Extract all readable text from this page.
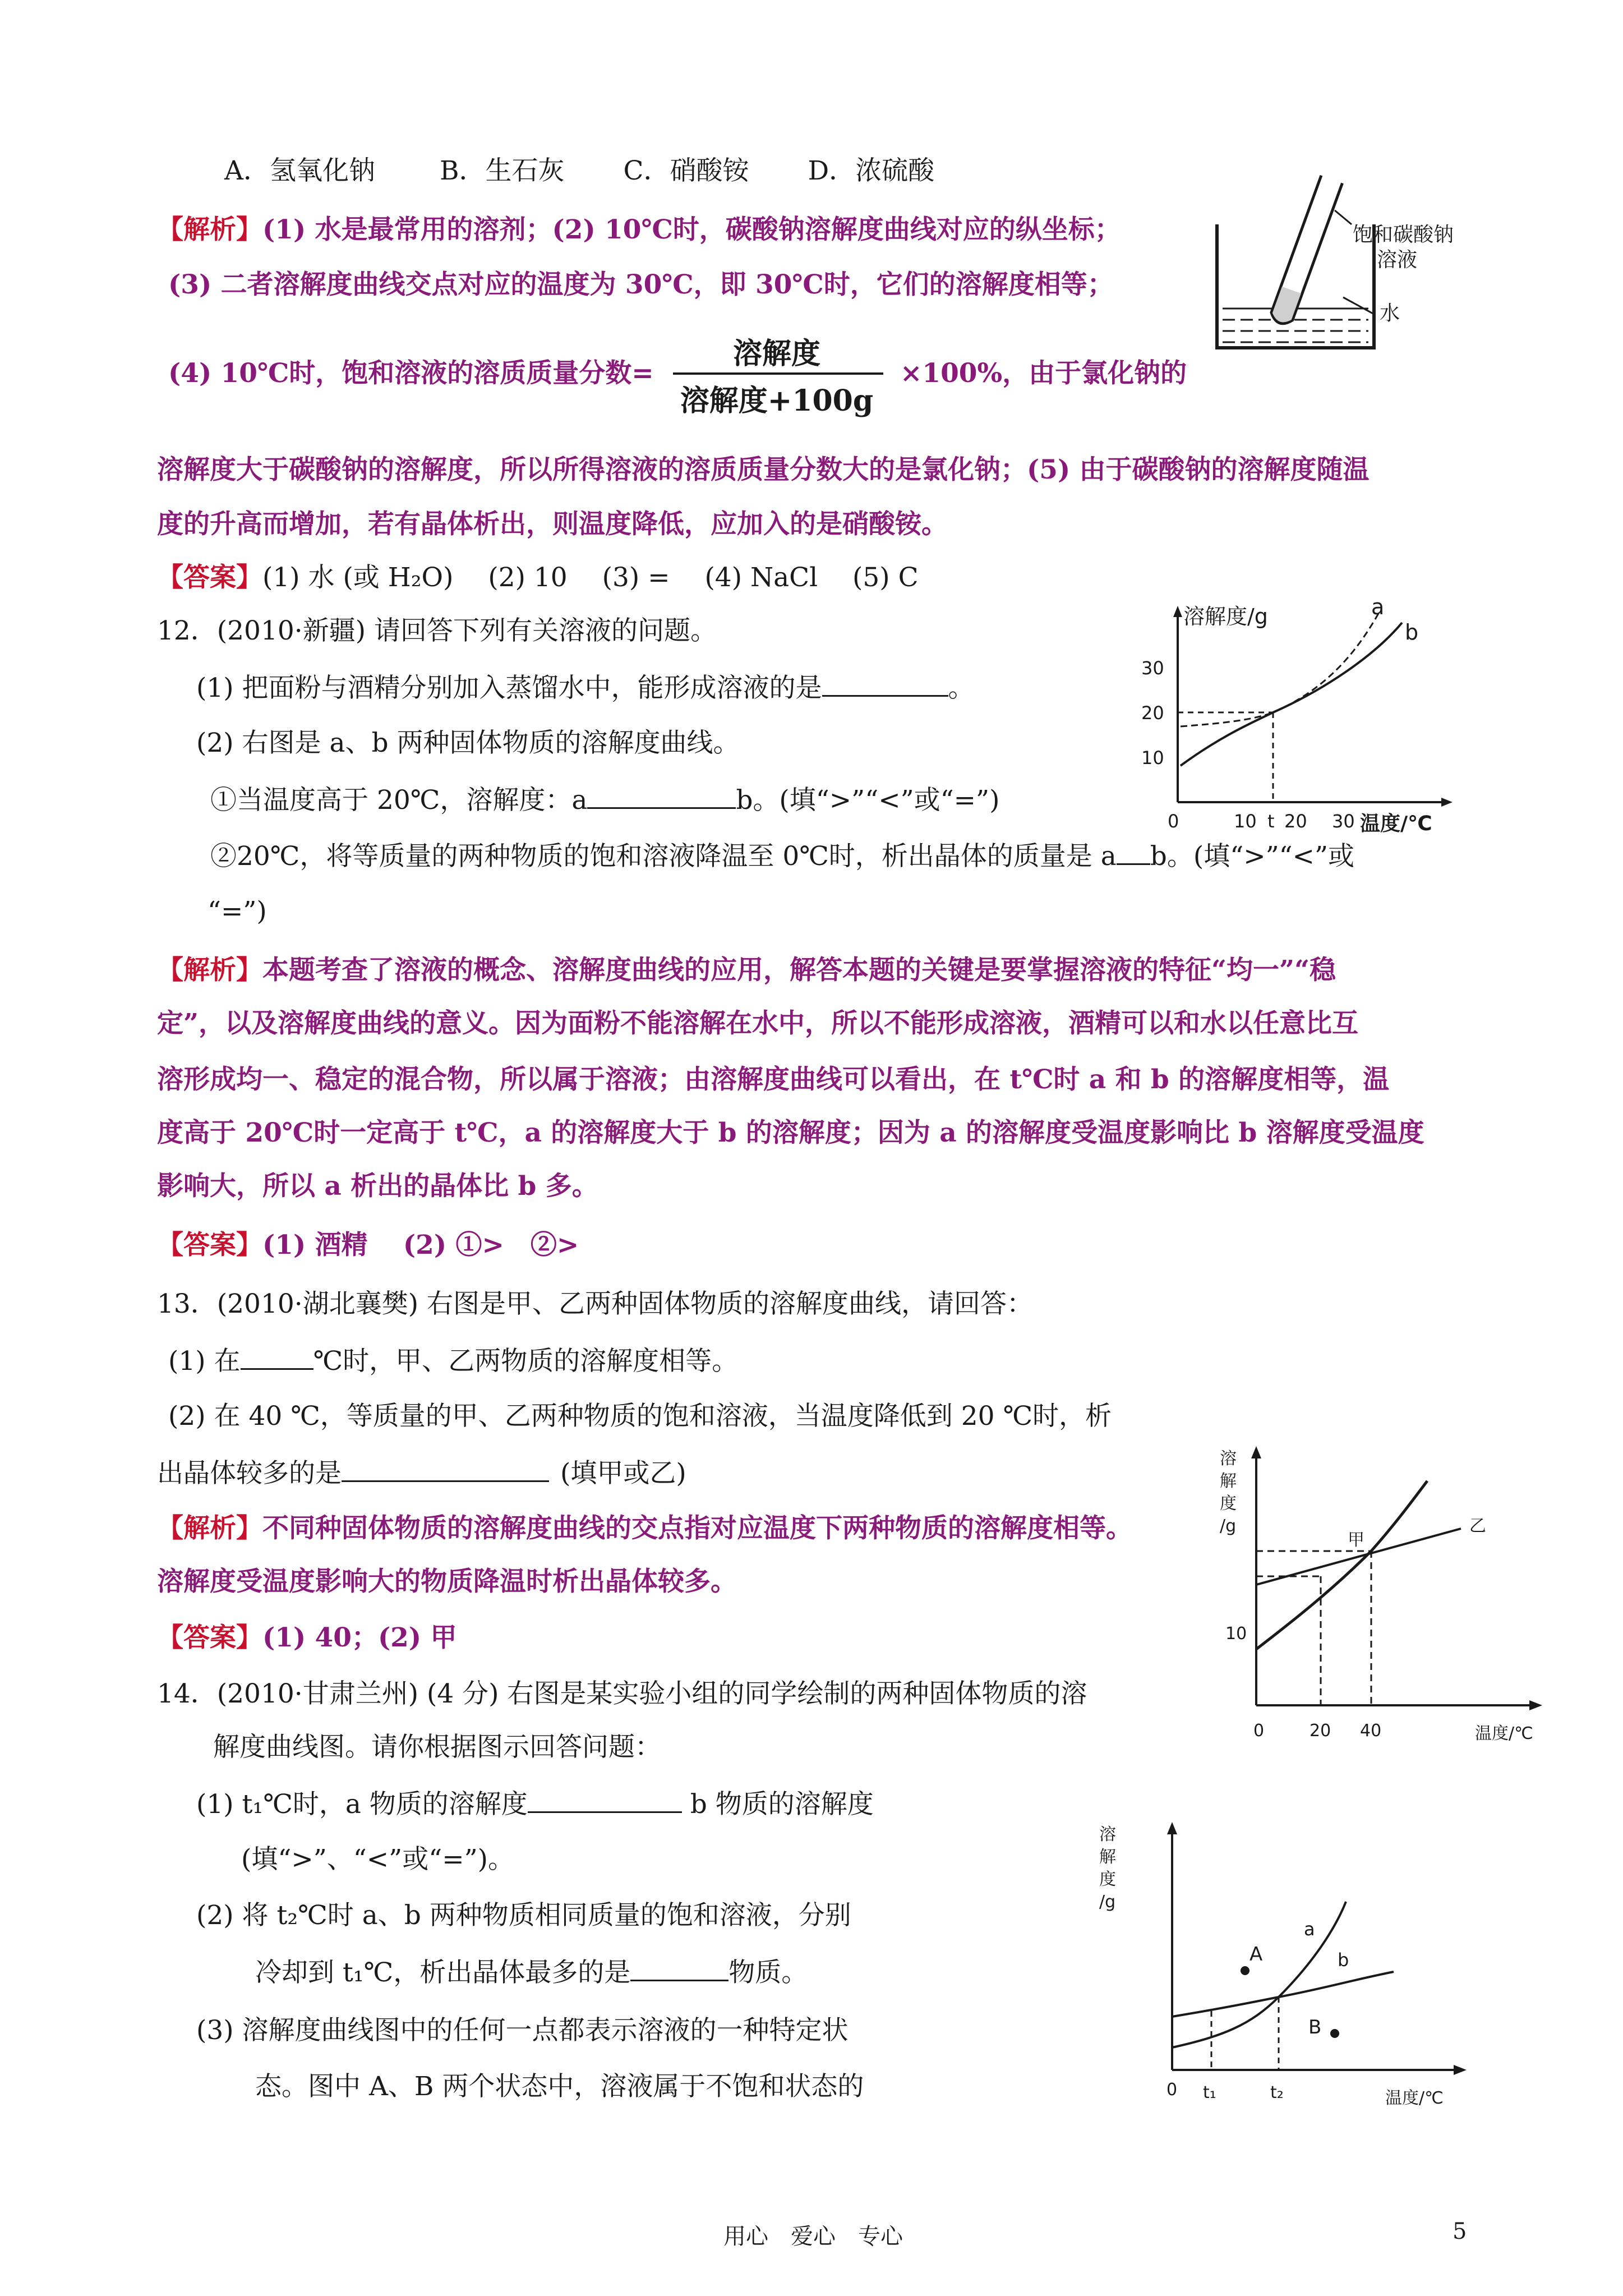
A．氢氧化钠 B．生石灰 C．硝酸铵 D．浓硫酸
【解析】(1) 水是最常用的溶剂；(2) 10℃时，碳酸钠溶解度曲线对应的纵坐标；
(3) 二者溶解度曲线交点对应的温度为 30℃，即 30℃时，它们的溶解度相等；
(4) 10℃时，饱和溶液的溶质质量分数=
溶解度
溶解度+100g
×100%，由于氯化钠的
溶解度大于碳酸钠的溶解度，所以所得溶液的溶质质量分数大的是氯化钠；(5) 由于碳酸钠的溶解度随温
度的升高而增加，若有晶体析出，则温度降低，应加入的是硝酸铵。
【答案】(1) 水 (或 H₂O)　 (2) 10　 (3) =　 (4) NaCl　 (5) C
饱和碳酸钠
溶液
水
12．(2010·新疆) 请回答下列有关溶液的问题。
(1) 把面粉与酒精分别加入蒸馏水中，能形成溶液的是	。
(2) 右图是 a、b 两种固体物质的溶解度曲线。
①当温度高于 20℃，溶解度：a	b。(填“>”“<”或“=”)
②20℃，将等质量的两种物质的饱和溶液降温至 0℃时，析出晶体的质量是 a b。(填“>”“<”或
“=”)
【解析】本题考查了溶液的概念、溶解度曲线的应用，解答本题的关键是要掌握溶液的特征“均一”“稳
定”，以及溶解度曲线的意义。因为面粉不能溶解在水中，所以不能形成溶液，酒精可以和水以任意比互
溶形成均一、稳定的混合物，所以属于溶液；由溶解度曲线可以看出，在 t℃时 a 和 b 的溶解度相等，温
度高于 20℃时一定高于 t℃，a 的溶解度大于 b 的溶解度；因为 a 的溶解度受温度影响比 b 溶解度受温度
影响大，所以 a 析出的晶体比 b 多。
【答案】(1) 酒精　 (2) ①>　②>
溶解度/g
30
20
10
a
b
0	10 t 20 30 温度/℃
13．(2010·湖北襄樊) 右图是甲、乙两种固体物质的溶解度曲线，请回答：
(1) 在	℃时，甲、乙两物质的溶解度相等。
(2) 在 40 ℃，等质量的甲、乙两种物质的饱和溶液，当温度降低到 20 ℃时，析
出晶体较多的是	(填甲或乙)
【解析】不同种固体物质的溶解度曲线的交点指对应温度下两种物质的溶解度相等。
溶解度受温度影响大的物质降温时析出晶体较多。
【答案】(1) 40；(2) 甲
溶
解
度
/g
甲
乙
10
0	20 40	温度/℃
14．(2010·甘肃兰州) (4 分) 右图是某实验小组的同学绘制的两种固体物质的溶
解度曲线图。请你根据图示回答问题：
(1) t₁℃时，a 物质的溶解度	b 物质的溶解度
(填“>”、“<”或“=”)。
(2) 将 t₂℃时 a、b 两种物质相同质量的饱和溶液，分别
冷却到 t₁℃，析出晶体最多的是	物质。
(3) 溶解度曲线图中的任何一点都表示溶液的一种特定状
态。图中 A、B 两个状态中，溶液属于不饱和状态的
溶
解
度
/g
a
b
A
B
0 t₁	t₂	温度/℃
用心　爱心　专心	5
